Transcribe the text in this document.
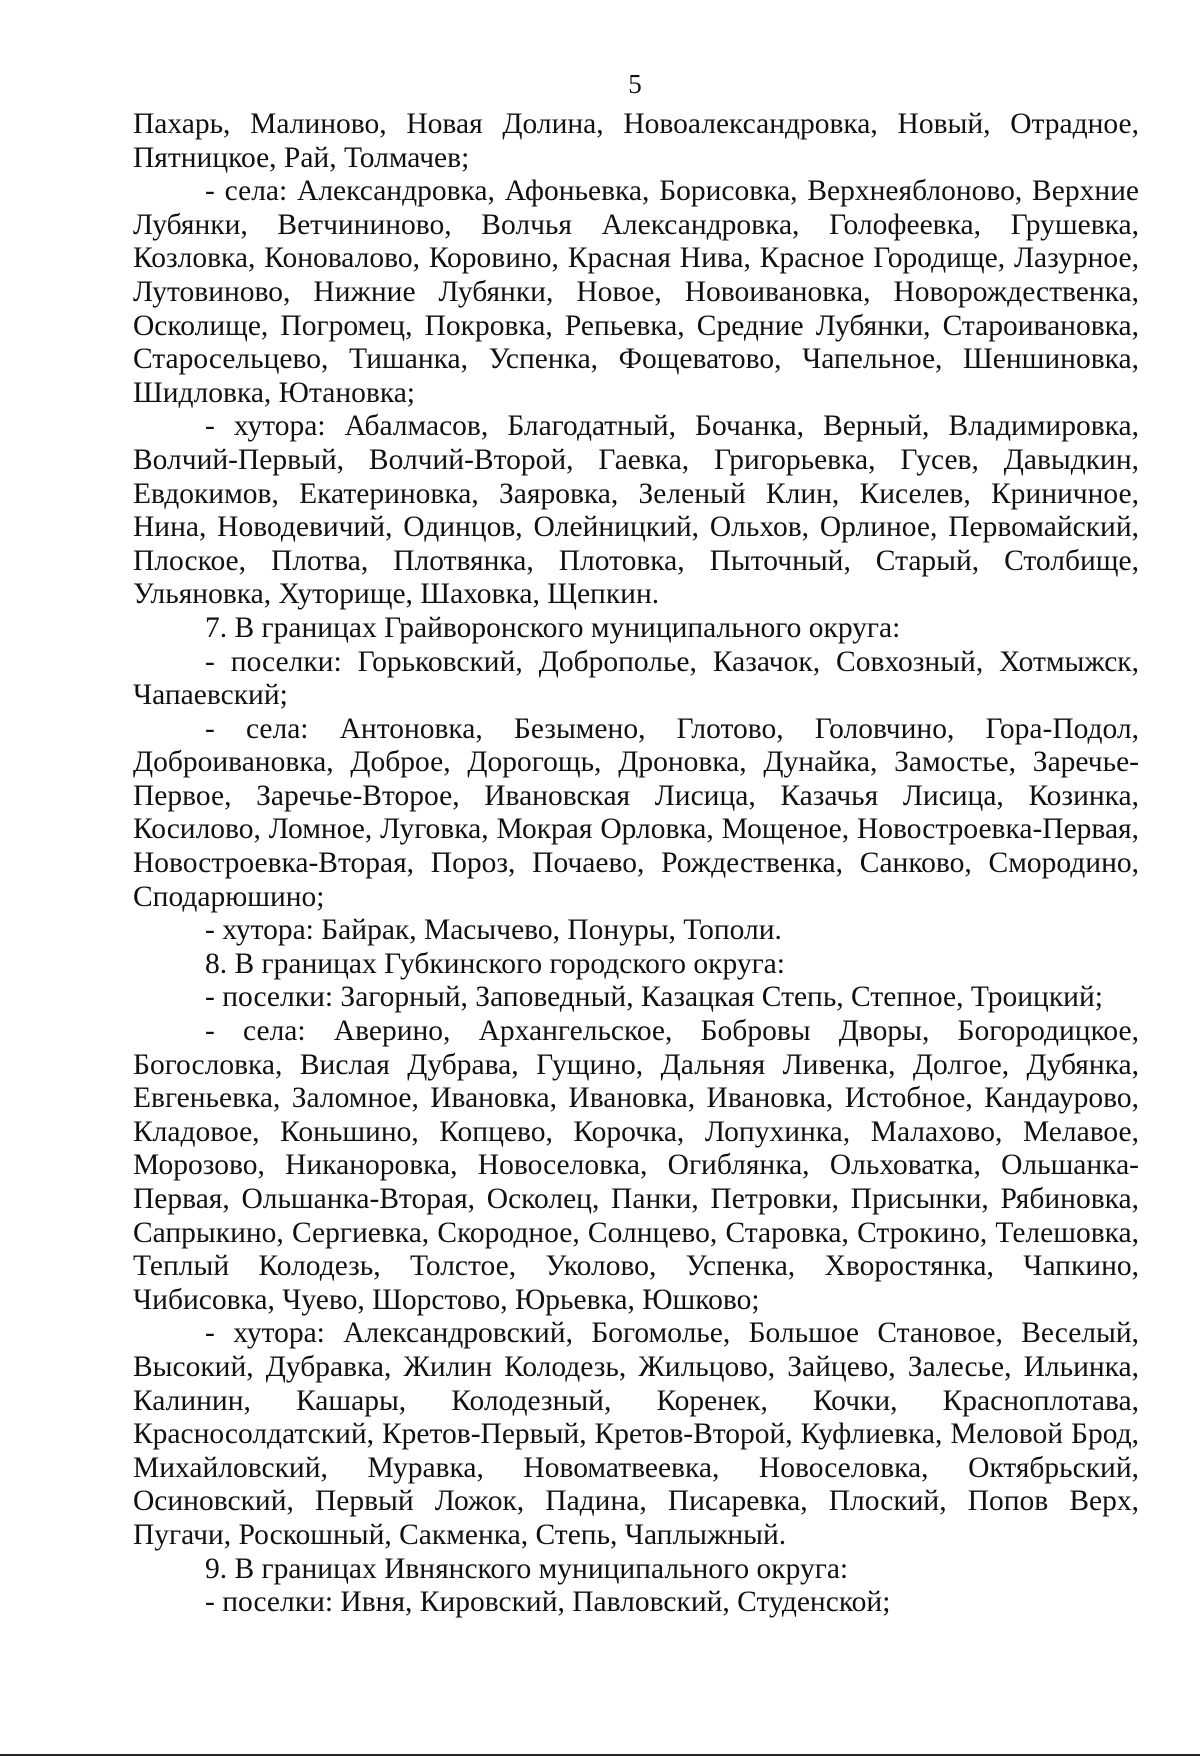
5

Пахарь, Малиново, Новая Долина, Новоалександровка, Новый, Отрадное, Пятницкое, Рай, Толмачев;

- села: Александровка, Афоньевка, Борисовка, Верхнеяблоново, Верхние Лубянки, Ветчининово, Волчья Александровка, Голофеевка, Грушевка, Козловка, Коновалово, Коровино, Красная Нива, Красное Городище, Лазурное, Лутовиново, Нижние Лубянки, Новое, Новоивановка, Новорождественка, Осколище, Погромец, Покровка, Репьевка, Средние Лубянки, Староивановка, Старосельцево, Тишанка, Успенка, Фощеватово, Чапельное, Шеншиновка, Шидловка, Ютановка;

- хутора: Абалмасов, Благодатный, Бочанка, Верный, Владимировка, Волчий-Первый, Волчий-Второй, Гаевка, Григорьевка, Гусев, Давыдкин, Евдокимов, Екатериновка, Заяровка, Зеленый Клин, Киселев, Криничное, Нина, Новодевичий, Одинцов, Олейницкий, Ольхов, Орлиное, Первомайский, Плоское, Плотва, Плотвянка, Плотовка, Пыточный, Старый, Столбище, Ульяновка, Хуторище, Шаховка, Щепкин.

7. В границах Грайворонского муниципального округа:

- поселки: Горьковский, Доброполье, Казачок, Совхозный, Хотмыжск, Чапаевский;

- села: Антоновка, Безымено, Глотово, Головчино, Гора-Подол, Доброивановка, Доброе, Дорогощь, Дроновка, Дунайка, Замостье, Заречье-Первое, Заречье-Второе, Ивановская Лисица, Казачья Лисица, Козинка, Косилово, Ломное, Луговка, Мокрая Орловка, Мощеное, Новостроевка-Первая, Новостроевка-Вторая, Пороз, Почаево, Рождественка, Санково, Смородино, Сподарюшино;

- хутора: Байрак, Масычево, Понуры, Тополи.

8. В границах Губкинского городского округа:

- поселки: Загорный, Заповедный, Казацкая Степь, Степное, Троицкий;

- села: Аверино, Архангельское, Бобровы Дворы, Богородицкое, Богословка, Вислая Дубрава, Гущино, Дальняя Ливенка, Долгое, Дубянка, Евгеньевка, Заломное, Ивановка, Ивановка, Ивановка, Истобное, Кандаурово, Кладовое, Коньшино, Копцево, Корочка, Лопухинка, Малахово, Мелавое, Морозово, Никаноровка, Новоселовка, Огиблянка, Ольховатка, Ольшанка-Первая, Ольшанка-Вторая, Осколец, Панки, Петровки, Присынки, Рябиновка, Сапрыкино, Сергиевка, Скородное, Солнцево, Старовка, Строкино, Телешовка, Теплый Колодезь, Толстое, Уколово, Успенка, Хворостянка, Чапкино, Чибисовка, Чуево, Шорстово, Юрьевка, Юшково;

- хутора: Александровский, Богомолье, Большое Становое, Веселый, Высокий, Дубравка, Жилин Колодезь, Жильцово, Зайцево, Залесье, Ильинка, Калинин, Кашары, Колодезный, Коренек, Кочки, Красноплотава, Красносолдатский, Кретов-Первый, Кретов-Второй, Куфлиевка, Меловой Брод, Михайловский, Муравка, Новоматвеевка, Новоселовка, Октябрьский, Осиновский, Первый Ложок, Падина, Писаревка, Плоский, Попов Верх, Пугачи, Роскошный, Сакменка, Степь, Чаплыжный.

9. В границах Ивнянского муниципального округа:

- поселки: Ивня, Кировский, Павловский, Студенской;
